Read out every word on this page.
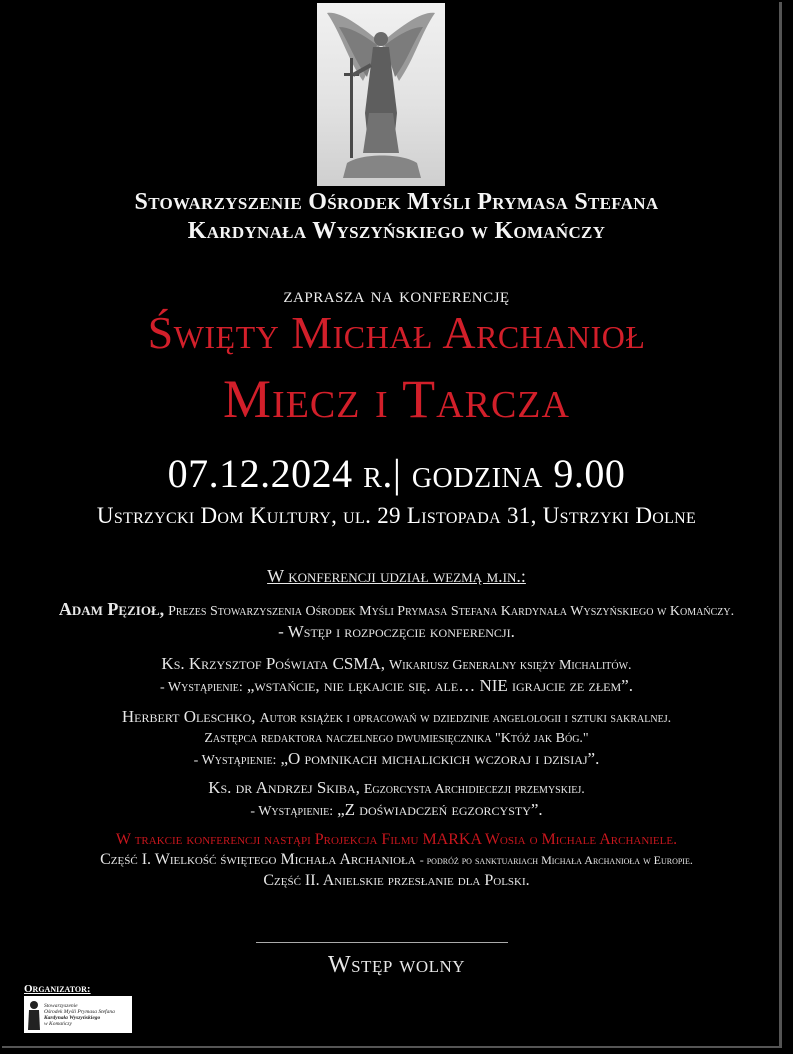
Stowarzyszenie Ośrodek Myśli Prymasa Stefana
Kardynała Wyszyńskiego w Komańczy
zaprasza na konferencję
Święty Michał Archanioł
Miecz i Tarcza
07.12.2024 r.| godzina 9.00
Ustrzycki Dom Kultury, ul. 29 Listopada 31, Ustrzyki Dolne
W konferencji udział wezmą m.in.:
Adam Pęzioł, Prezes Stowarzyszenia Ośrodek Myśli Prymasa Stefana Kardynała Wyszyńskiego w Komańczy.
- Wstęp i rozpoczęcie konferencji.
Ks. Krzysztof Poświata CSMA, Wikariusz Generalny księży Michalitów.
- Wystąpienie: „wstańcie, nie lękajcie się. ale… NIE igrajcie ze złem”.
Herbert Oleschko, Autor książek i opracowań w dziedzinie angelologii i sztuki sakralnej.
Zastępca redaktora naczelnego dwumiesięcznika "Któż jak Bóg."
- Wystąpienie: „O pomnikach michalickich wczoraj i dzisiaj”.
Ks. dr Andrzej Skiba, Egzorcysta Archidiecezji przemyskiej.
- Wystąpienie: „Z doświadczeń egzorcysty”.
W trakcie konferencji nastąpi Projekcja Filmu MARKA Wosia o Michale Archaniele.
Część I. Wielkość świętego Michała Archanioła - podróż po sanktuariach Michała Archanioła w Europie.
Część II. Anielskie przesłanie dla Polski.
Wstęp wolny
Organizator:
Stowarzyszenie
Ośrodek Myśli Prymasa Stefana
Kardynała Wyszyńskiego
w Komańczy
